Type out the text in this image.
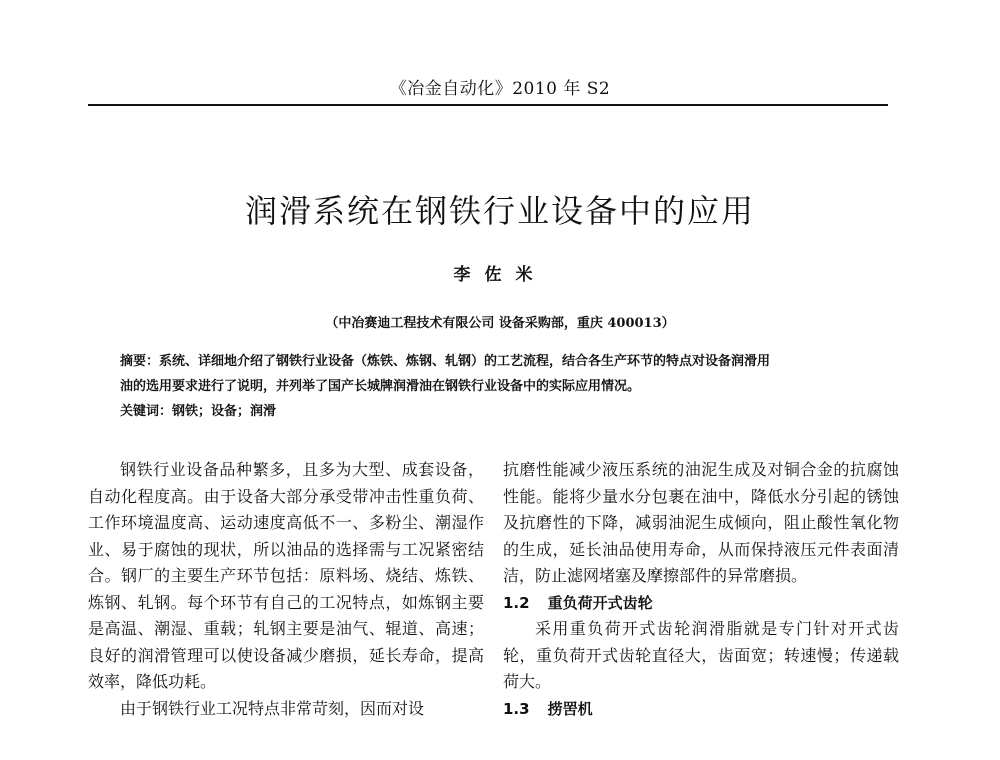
《冶金自动化》2010 年 S2
润滑系统在钢铁行业设备中的应用
李佐米
（中冶赛迪工程技术有限公司 设备采购部，重庆 400013）

摘要：系统、详细地介绍了钢铁行业设备（炼铁、炼钢、轧钢）的工艺流程，结合各生产环节的特点对设备润滑用

油的选用要求进行了说明，并列举了国产长城牌润滑油在钢铁行业设备中的实际应用情况。

关键词：钢铁；设备；润滑

钢铁行业设备品种繁多，且多为大型、成套设备，自动化程度高。由于设备大部分承受带冲击性重负荷、工作环境温度高、运动速度高低不一、多粉尘、潮湿作业、易于腐蚀的现状，所以油品的选择需与工况紧密结合。钢厂的主要生产环节包括：原料场、烧结、炼铁、炼钢、轧钢。每个环节有自己的工况特点，如炼钢主要是高温、潮湿、重载；轧钢主要是油气、辊道、高速；良好的润滑管理可以使设备减少磨损，延长寿命，提高效率，降低功耗。

由于钢铁行业工况特点非常苛刻，因而对设

抗磨性能减少液压系统的油泥生成及对铜合金的抗腐蚀性能。能将少量水分包裹在油中，降低水分引起的锈蚀及抗磨性的下降，减弱油泥生成倾向，阻止酸性氧化物的生成，延长油品使用寿命，从而保持液压元件表面清洁，防止滤网堵塞及摩擦部件的异常磨损。

1.2 重负荷开式齿轮

采用重负荷开式齿轮润滑脂就是专门针对开式齿轮，重负荷开式齿轮直径大，齿面宽；转速慢；传递载荷大。

1.3 捞罟机
